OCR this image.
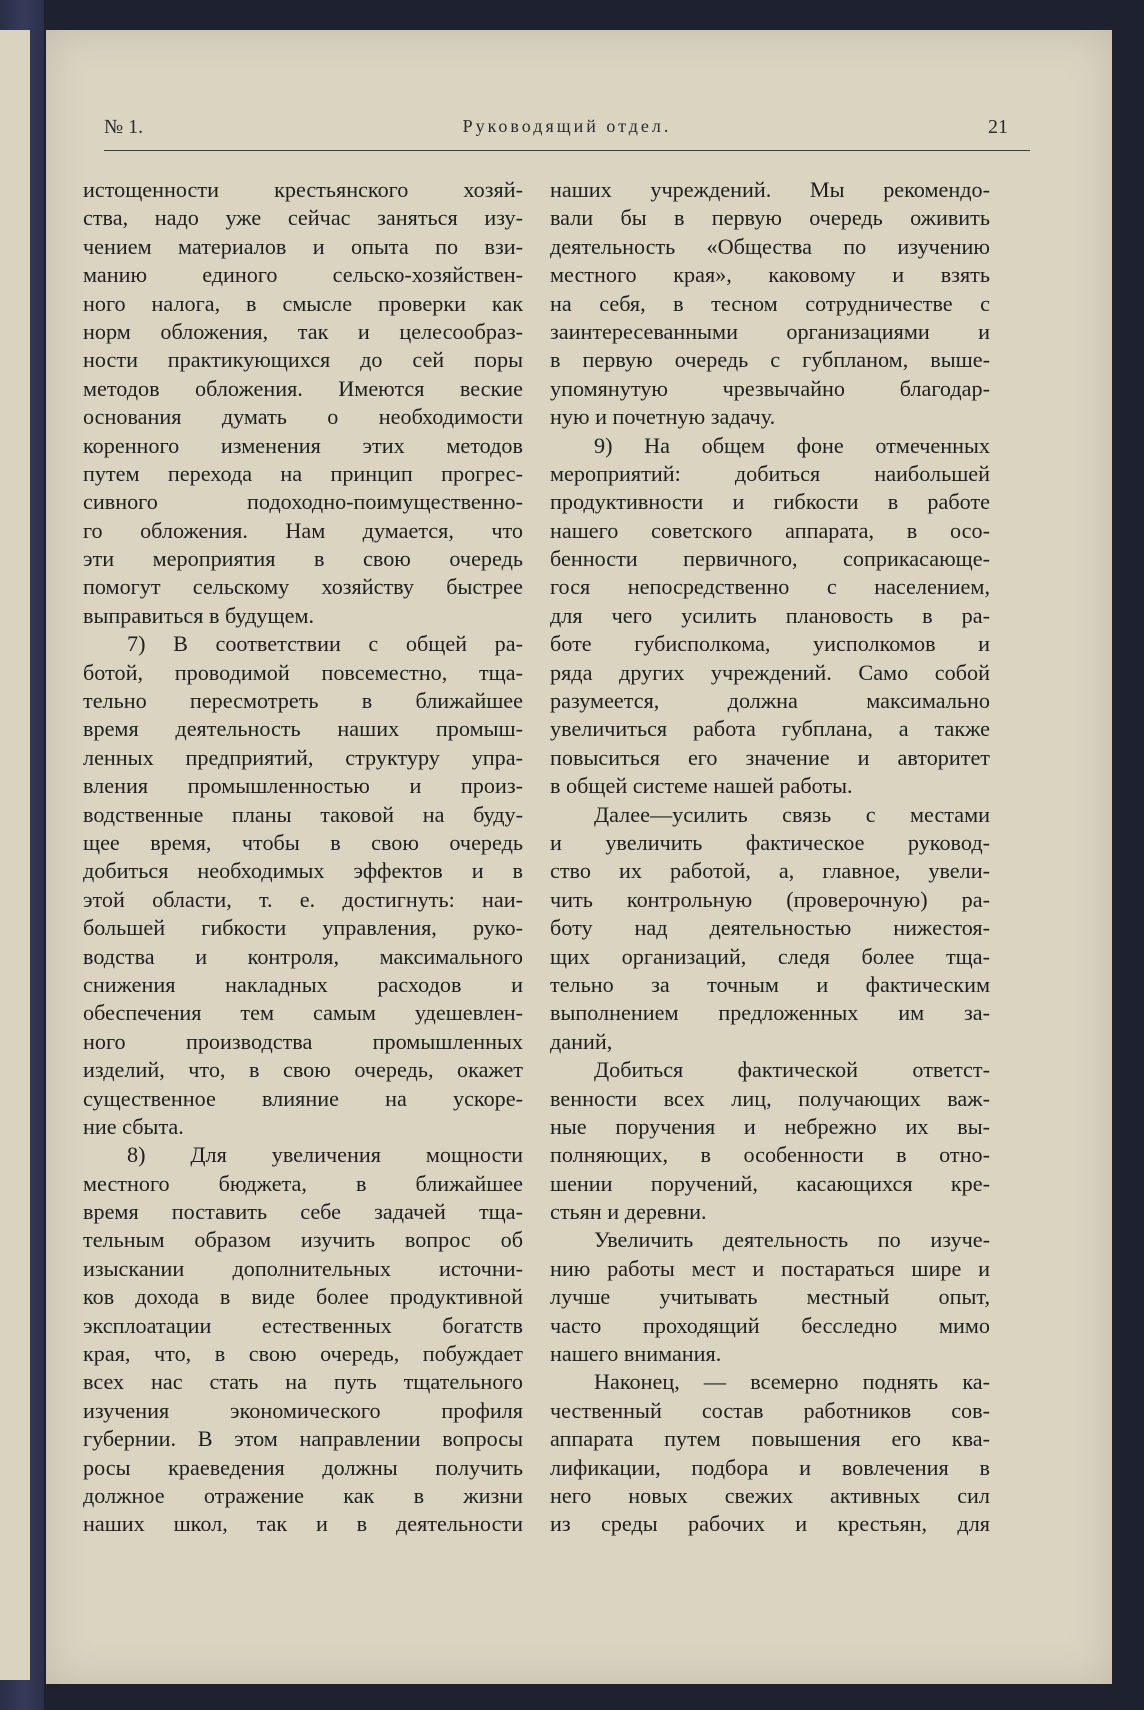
№ 1.	Руководящий отдел.	21
истощенности крестьянского хозяй-
ства, надо уже сейчас заняться изу-
чением материалов и опыта по взи-
манию единого сельско-хозяйствен-
ного налога, в смысле проверки как
норм обложения, так и целесообраз-
ности практикующихся до сей поры
методов обложения. Имеются веские
основания думать о необходимости
коренного изменения этих методов
путем перехода на принцип прогрес-
сивного подоходно-поимущественно-
го обложения. Нам думается, что
эти мероприятия в свою очередь
помогут сельскому хозяйству быстрее
выправиться в будущем.
7) В соответствии с общей ра-
ботой, проводимой повсеместно, тща-
тельно пересмотреть в ближайшее
время деятельность наших промыш-
ленных предприятий, структуру упра-
вления промышленностью и произ-
водственные планы таковой на буду-
щее время, чтобы в свою очередь
добиться необходимых эффектов и в
этой области, т. е. достигнуть: наи-
большей гибкости управления, руко-
водства и контроля, максимального
снижения накладных расходов и
обеспечения тем самым удешевлен-
ного производства промышленных
изделий, что, в свою очередь, окажет
существенное влияние на ускоре-
ние сбыта.
8) Для увеличения мощности
местного бюджета, в ближайшее
время поставить себе задачей тща-
тельным образом изучить вопрос об
изыскании дополнительных источни-
ков дохода в виде более продуктивной
эксплоатации естественных богатств
края, что, в свою очередь, побуждает
всех нас стать на путь тщательного
изучения экономического профиля
губернии. В этом направлении вопросы
росы краеведения должны получить
должное отражение как в жизни
наших школ, так и в деятельности
наших учреждений. Мы рекомендо-
вали бы в первую очередь оживить
деятельность «Общества по изучению
местного края», каковому и взять
на себя, в тесном сотрудничестве с
заинтересеванными организациями и
в первую очередь с губпланом, выше-
упомянутую чрезвычайно благодар-
ную и почетную задачу.
9) На общем фоне отмеченных
мероприятий: добиться наибольшей
продуктивности и гибкости в работе
нашего советского аппарата, в осо-
бенности первичного, соприкасающе-
гося непосредственно с населением,
для чего усилить плановость в ра-
боте губисполкома, уисполкомов и
ряда других учреждений. Само собой
разумеется, должна максимально
увеличиться работа губплана, а также
повыситься его значение и авторитет
в общей системе нашей работы.
Далее—усилить связь с местами
и увеличить фактическое руковод-
ство их работой, а, главное, увели-
чить контрольную (проверочную) ра-
боту над деятельностью нижестоя-
щих организаций, следя более тща-
тельно за точным и фактическим
выполнением предложенных им за-
даний,
Добиться фактической ответст-
венности всех лиц, получающих важ-
ные поручения и небрежно их вы-
полняющих, в особенности в отно-
шении поручений, касающихся кре-
стьян и деревни.
Увеличить деятельность по изуче-
нию работы мест и постараться шире и
лучше учитывать местный опыт,
часто проходящий бесследно мимо
нашего внимания.
Наконец, — всемерно поднять ка-
чественный состав работников сов-
аппарата путем повышения его ква-
лификации, подбора и вовлечения в
него новых свежих активных сил
из среды рабочих и крестьян, для
